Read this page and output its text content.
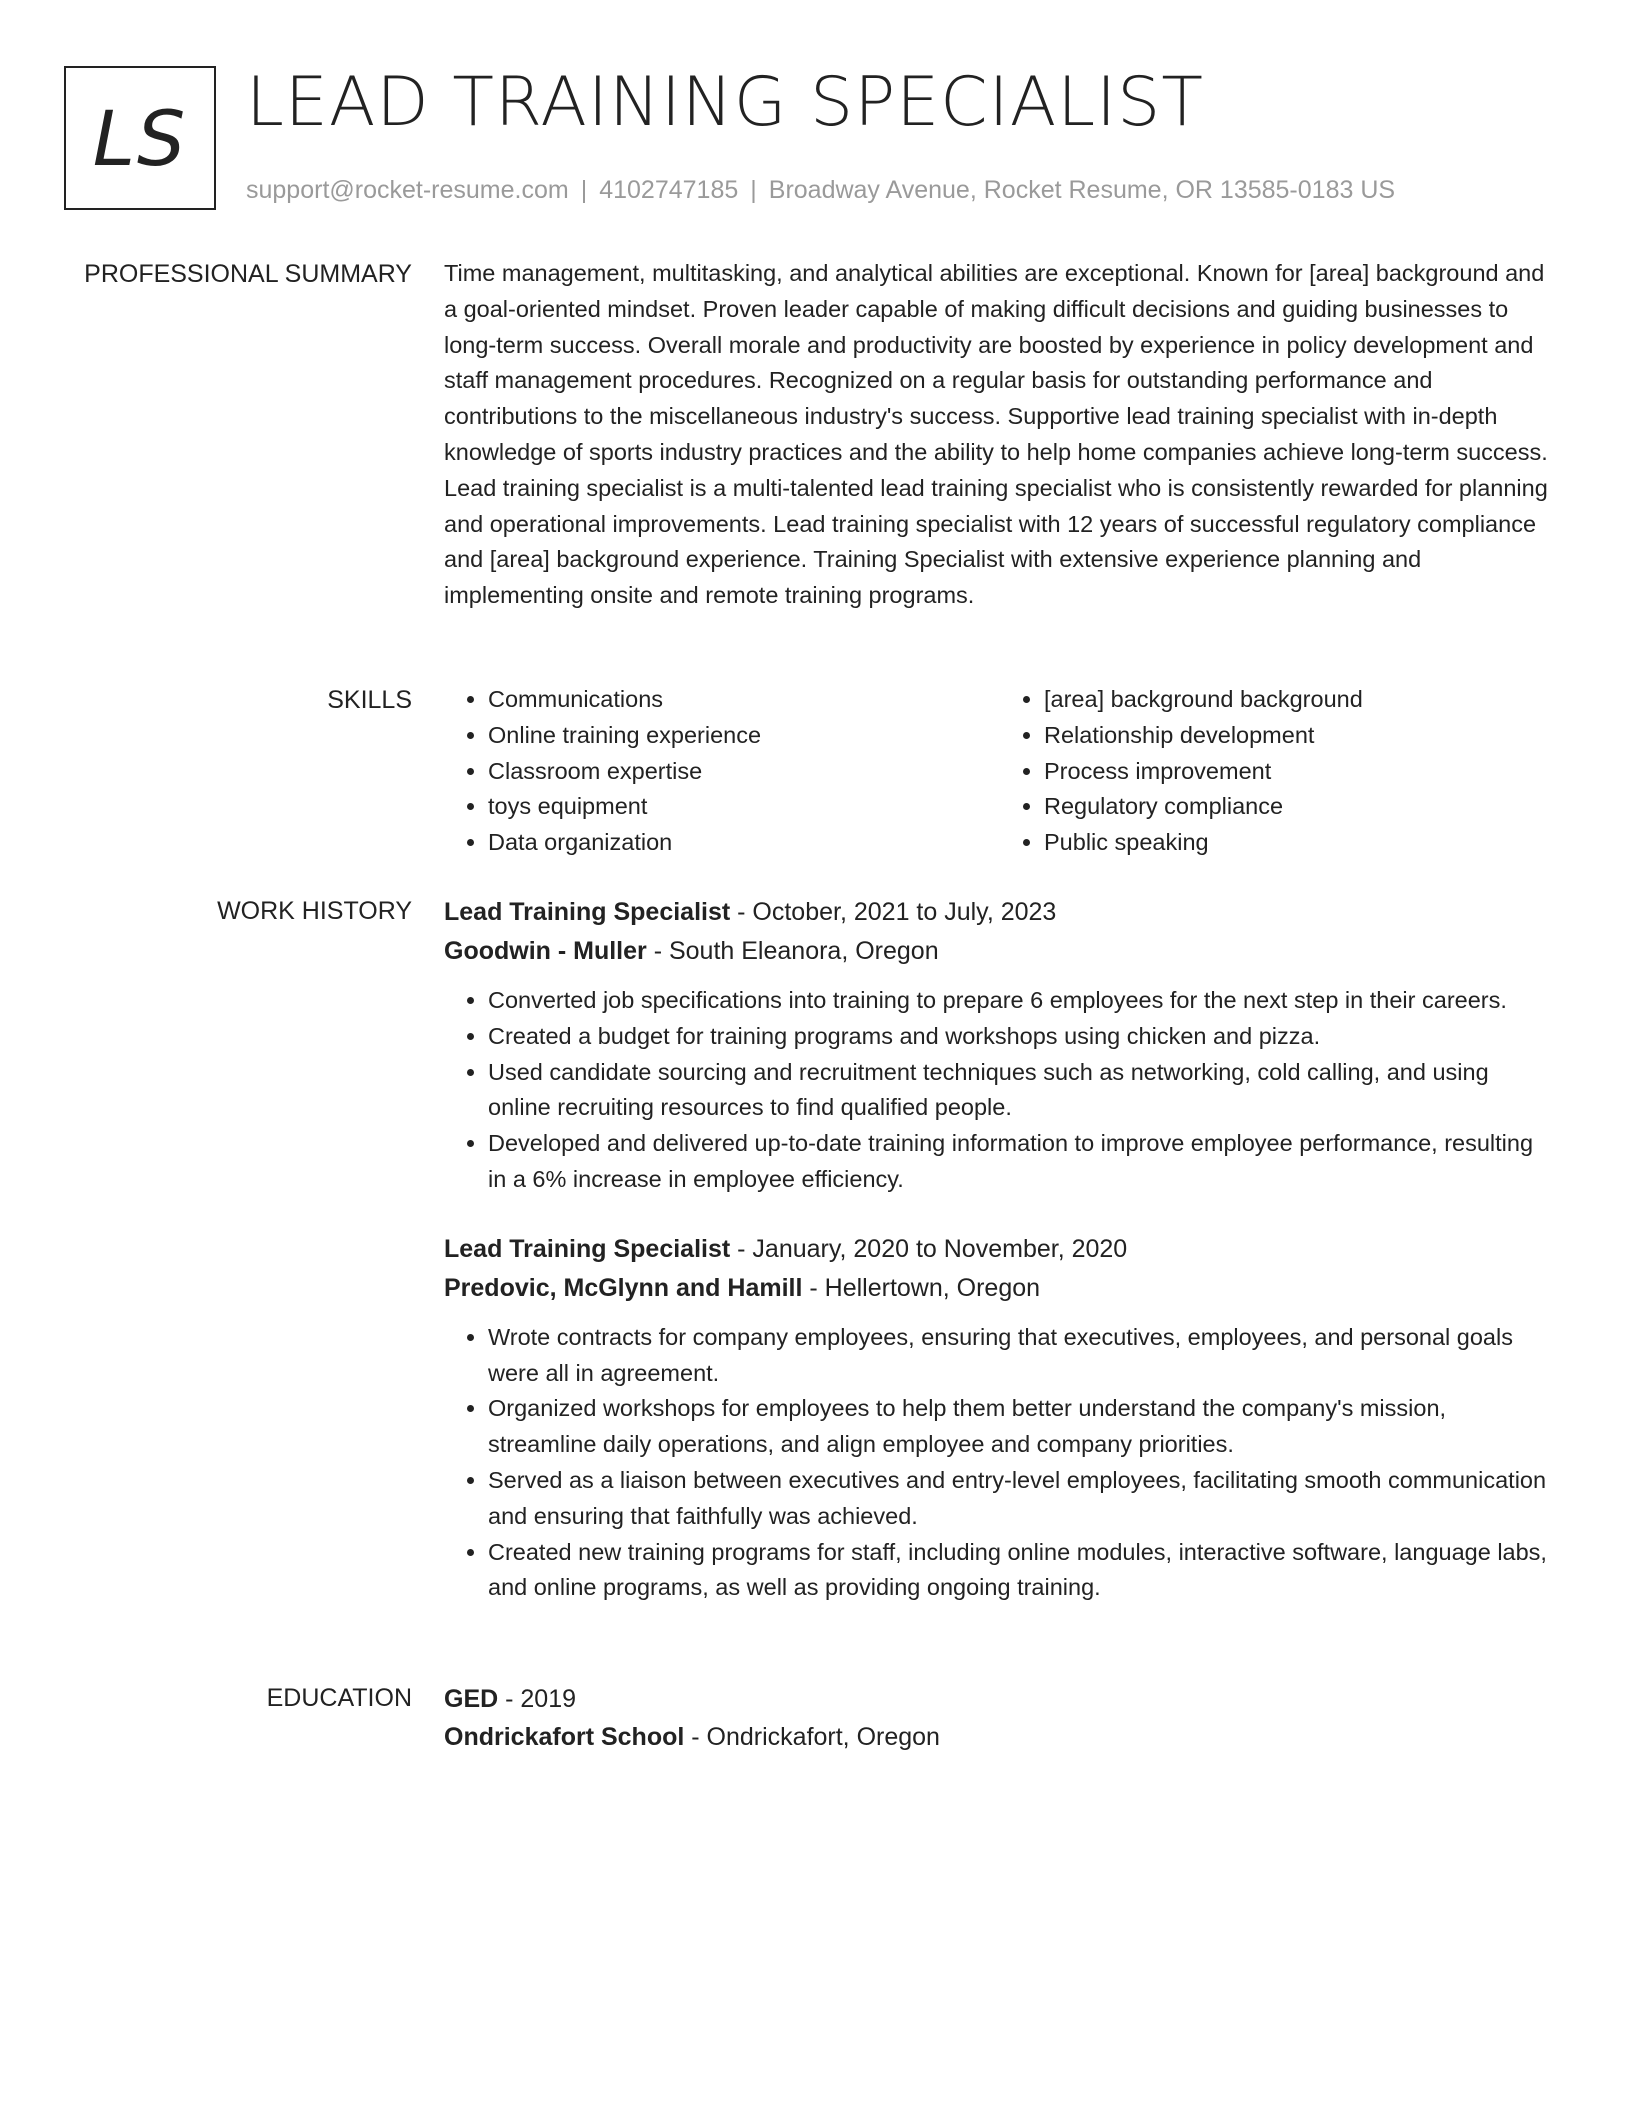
LS LEAD TRAINING SPECIALIST
support@rocket-resume.com | 4102747185 | Broadway Avenue, Rocket Resume, OR 13585-0183 US
PROFESSIONAL SUMMARY Time management, multitasking, and analytical abilities are exceptional. Known for [area] background and a goal-oriented mindset. Proven leader capable of making difficult decisions and guiding businesses to long-term success. Overall morale and productivity are boosted by experience in policy development and staff management procedures. Recognized on a regular basis for outstanding performance and contributions to the miscellaneous industry's success. Supportive lead training specialist with in-depth knowledge of sports industry practices and the ability to help home companies achieve long-term success. Lead training specialist is a multi-talented lead training specialist who is consistently rewarded for planning and operational improvements. Lead training specialist with 12 years of successful regulatory compliance and [area] background experience. Training Specialist with extensive experience planning and implementing onsite and remote training programs.

SKILLS
•	Communications
• Online training experience
• Classroom expertise
• toys equipment
• Data organization
• [area] background background
• Relationship development
• Process improvement
• Regulatory compliance
• Public speaking
WORK HISTORY Lead Training Specialist - October, 2021 to July, 2023
Goodwin - Muller - South Eleanora, Oregon
• Converted job specifications into training to prepare 6 employees for the next step in their careers.
• Created a budget for training programs and workshops using chicken and pizza.
• Used candidate sourcing and recruitment techniques such as networking, cold calling, and using online recruiting resources to find qualified people.
• Developed and delivered up-to-date training information to improve employee performance, resulting in a 6% increase in employee efficiency.
Lead Training Specialist - January, 2020 to November, 2020
Predovic, McGlynn and Hamill - Hellertown, Oregon
• Wrote contracts for company employees, ensuring that executives, employees, and personal goals were all in agreement.
• Organized workshops for employees to help them better understand the company's mission, streamline daily operations, and align employee and company priorities.
• Served as a liaison between executives and entry-level employees, facilitating smooth communication and ensuring that faithfully was achieved.
• Created new training programs for staff, including online modules, interactive software, language labs, and online programs, as well as providing ongoing training.
EDUCATION GED - 2019
Ondrickafort School - Ondrickafort, Oregon
